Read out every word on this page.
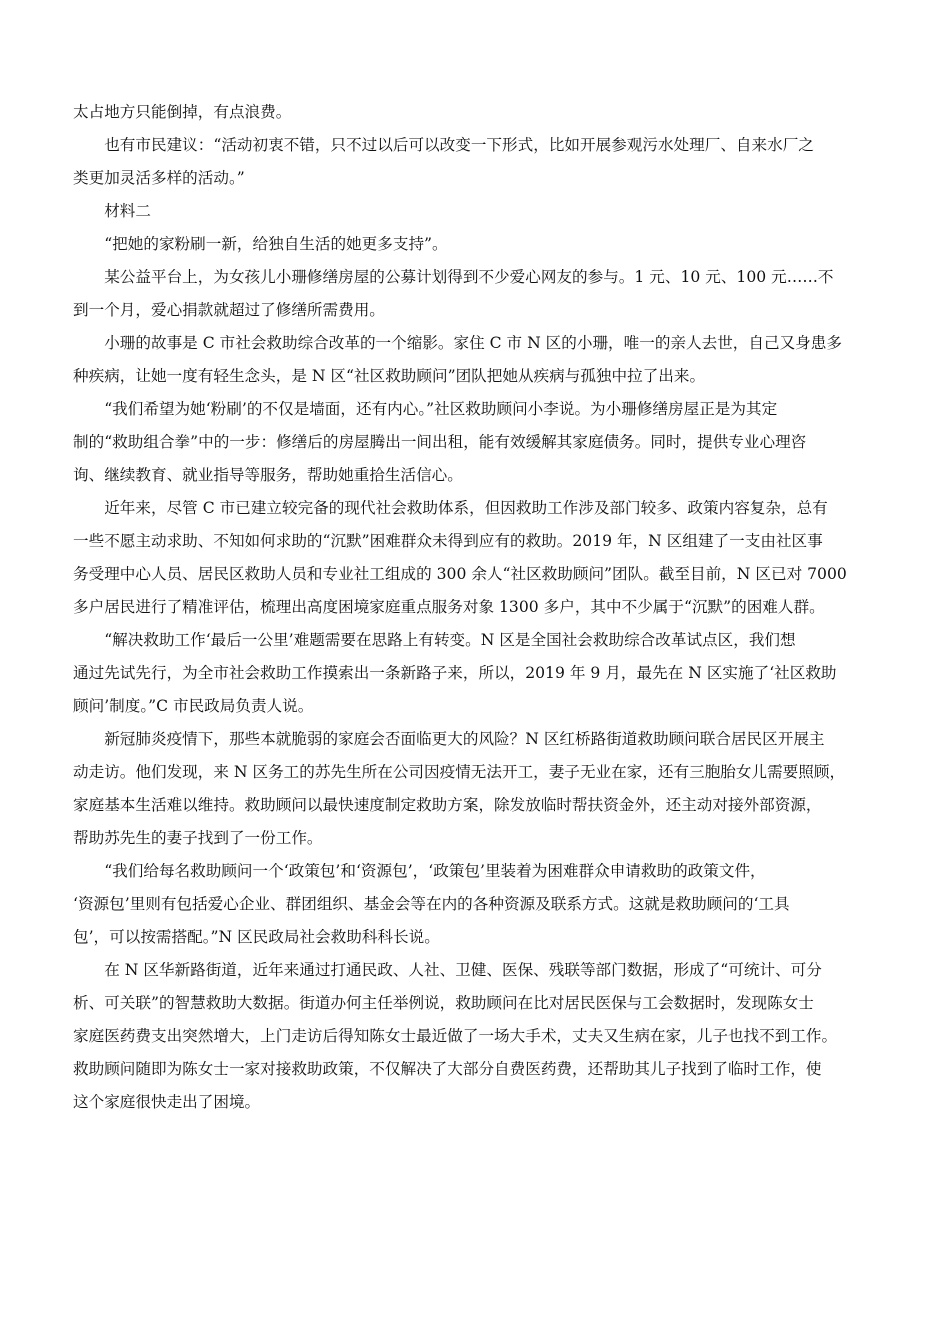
太占地方只能倒掉，有点浪费。
也有市民建议：“活动初衷不错，只不过以后可以改变一下形式，比如开展参观污水处理厂、自来水厂之
类更加灵活多样的活动。”
材料二
“把她的家粉刷一新，给独自生活的她更多支持”。
某公益平台上，为女孩儿小珊修缮房屋的公募计划得到不少爱心网友的参与。1 元、10 元、100 元……不
到一个月，爱心捐款就超过了修缮所需费用。
小珊的故事是 C 市社会救助综合改革的一个缩影。家住 C 市 N 区的小珊，唯一的亲人去世，自己又身患多
种疾病，让她一度有轻生念头，是 N 区“社区救助顾问”团队把她从疾病与孤独中拉了出来。
“我们希望为她‘粉刷’的不仅是墙面，还有内心。”社区救助顾问小李说。为小珊修缮房屋正是为其定
制的“救助组合拳”中的一步：修缮后的房屋腾出一间出租，能有效缓解其家庭债务。同时，提供专业心理咨
询、继续教育、就业指导等服务，帮助她重拾生活信心。
近年来，尽管 C 市已建立较完备的现代社会救助体系，但因救助工作涉及部门较多、政策内容复杂，总有
一些不愿主动求助、不知如何求助的“沉默”困难群众未得到应有的救助。2019 年，N 区组建了一支由社区事
务受理中心人员、居民区救助人员和专业社工组成的 300 余人“社区救助顾问”团队。截至目前，N 区已对 7000
多户居民进行了精准评估，梳理出高度困境家庭重点服务对象 1300 多户，其中不少属于“沉默”的困难人群。
“解决救助工作‘最后一公里’难题需要在思路上有转变。N 区是全国社会救助综合改革试点区，我们想
通过先试先行，为全市社会救助工作摸索出一条新路子来，所以，2019 年 9 月，最先在 N 区实施了‘社区救助
顾问’制度。”C 市民政局负责人说。
新冠肺炎疫情下，那些本就脆弱的家庭会否面临更大的风险？N 区红桥路街道救助顾问联合居民区开展主
动走访。他们发现，来 N 区务工的苏先生所在公司因疫情无法开工，妻子无业在家，还有三胞胎女儿需要照顾，
家庭基本生活难以维持。救助顾问以最快速度制定救助方案，除发放临时帮扶资金外，还主动对接外部资源，
帮助苏先生的妻子找到了一份工作。
“我们给每名救助顾问一个‘政策包’和‘资源包’，‘政策包’里装着为困难群众申请救助的政策文件，
‘资源包’里则有包括爱心企业、群团组织、基金会等在内的各种资源及联系方式。这就是救助顾问的‘工具
包’，可以按需搭配。”N 区民政局社会救助科科长说。
在 N 区华新路街道，近年来通过打通民政、人社、卫健、医保、残联等部门数据，形成了“可统计、可分
析、可关联”的智慧救助大数据。街道办何主任举例说，救助顾问在比对居民医保与工会数据时，发现陈女士
家庭医药费支出突然增大，上门走访后得知陈女士最近做了一场大手术，丈夫又生病在家，儿子也找不到工作。
救助顾问随即为陈女士一家对接救助政策，不仅解决了大部分自费医药费，还帮助其儿子找到了临时工作，使
这个家庭很快走出了困境。
